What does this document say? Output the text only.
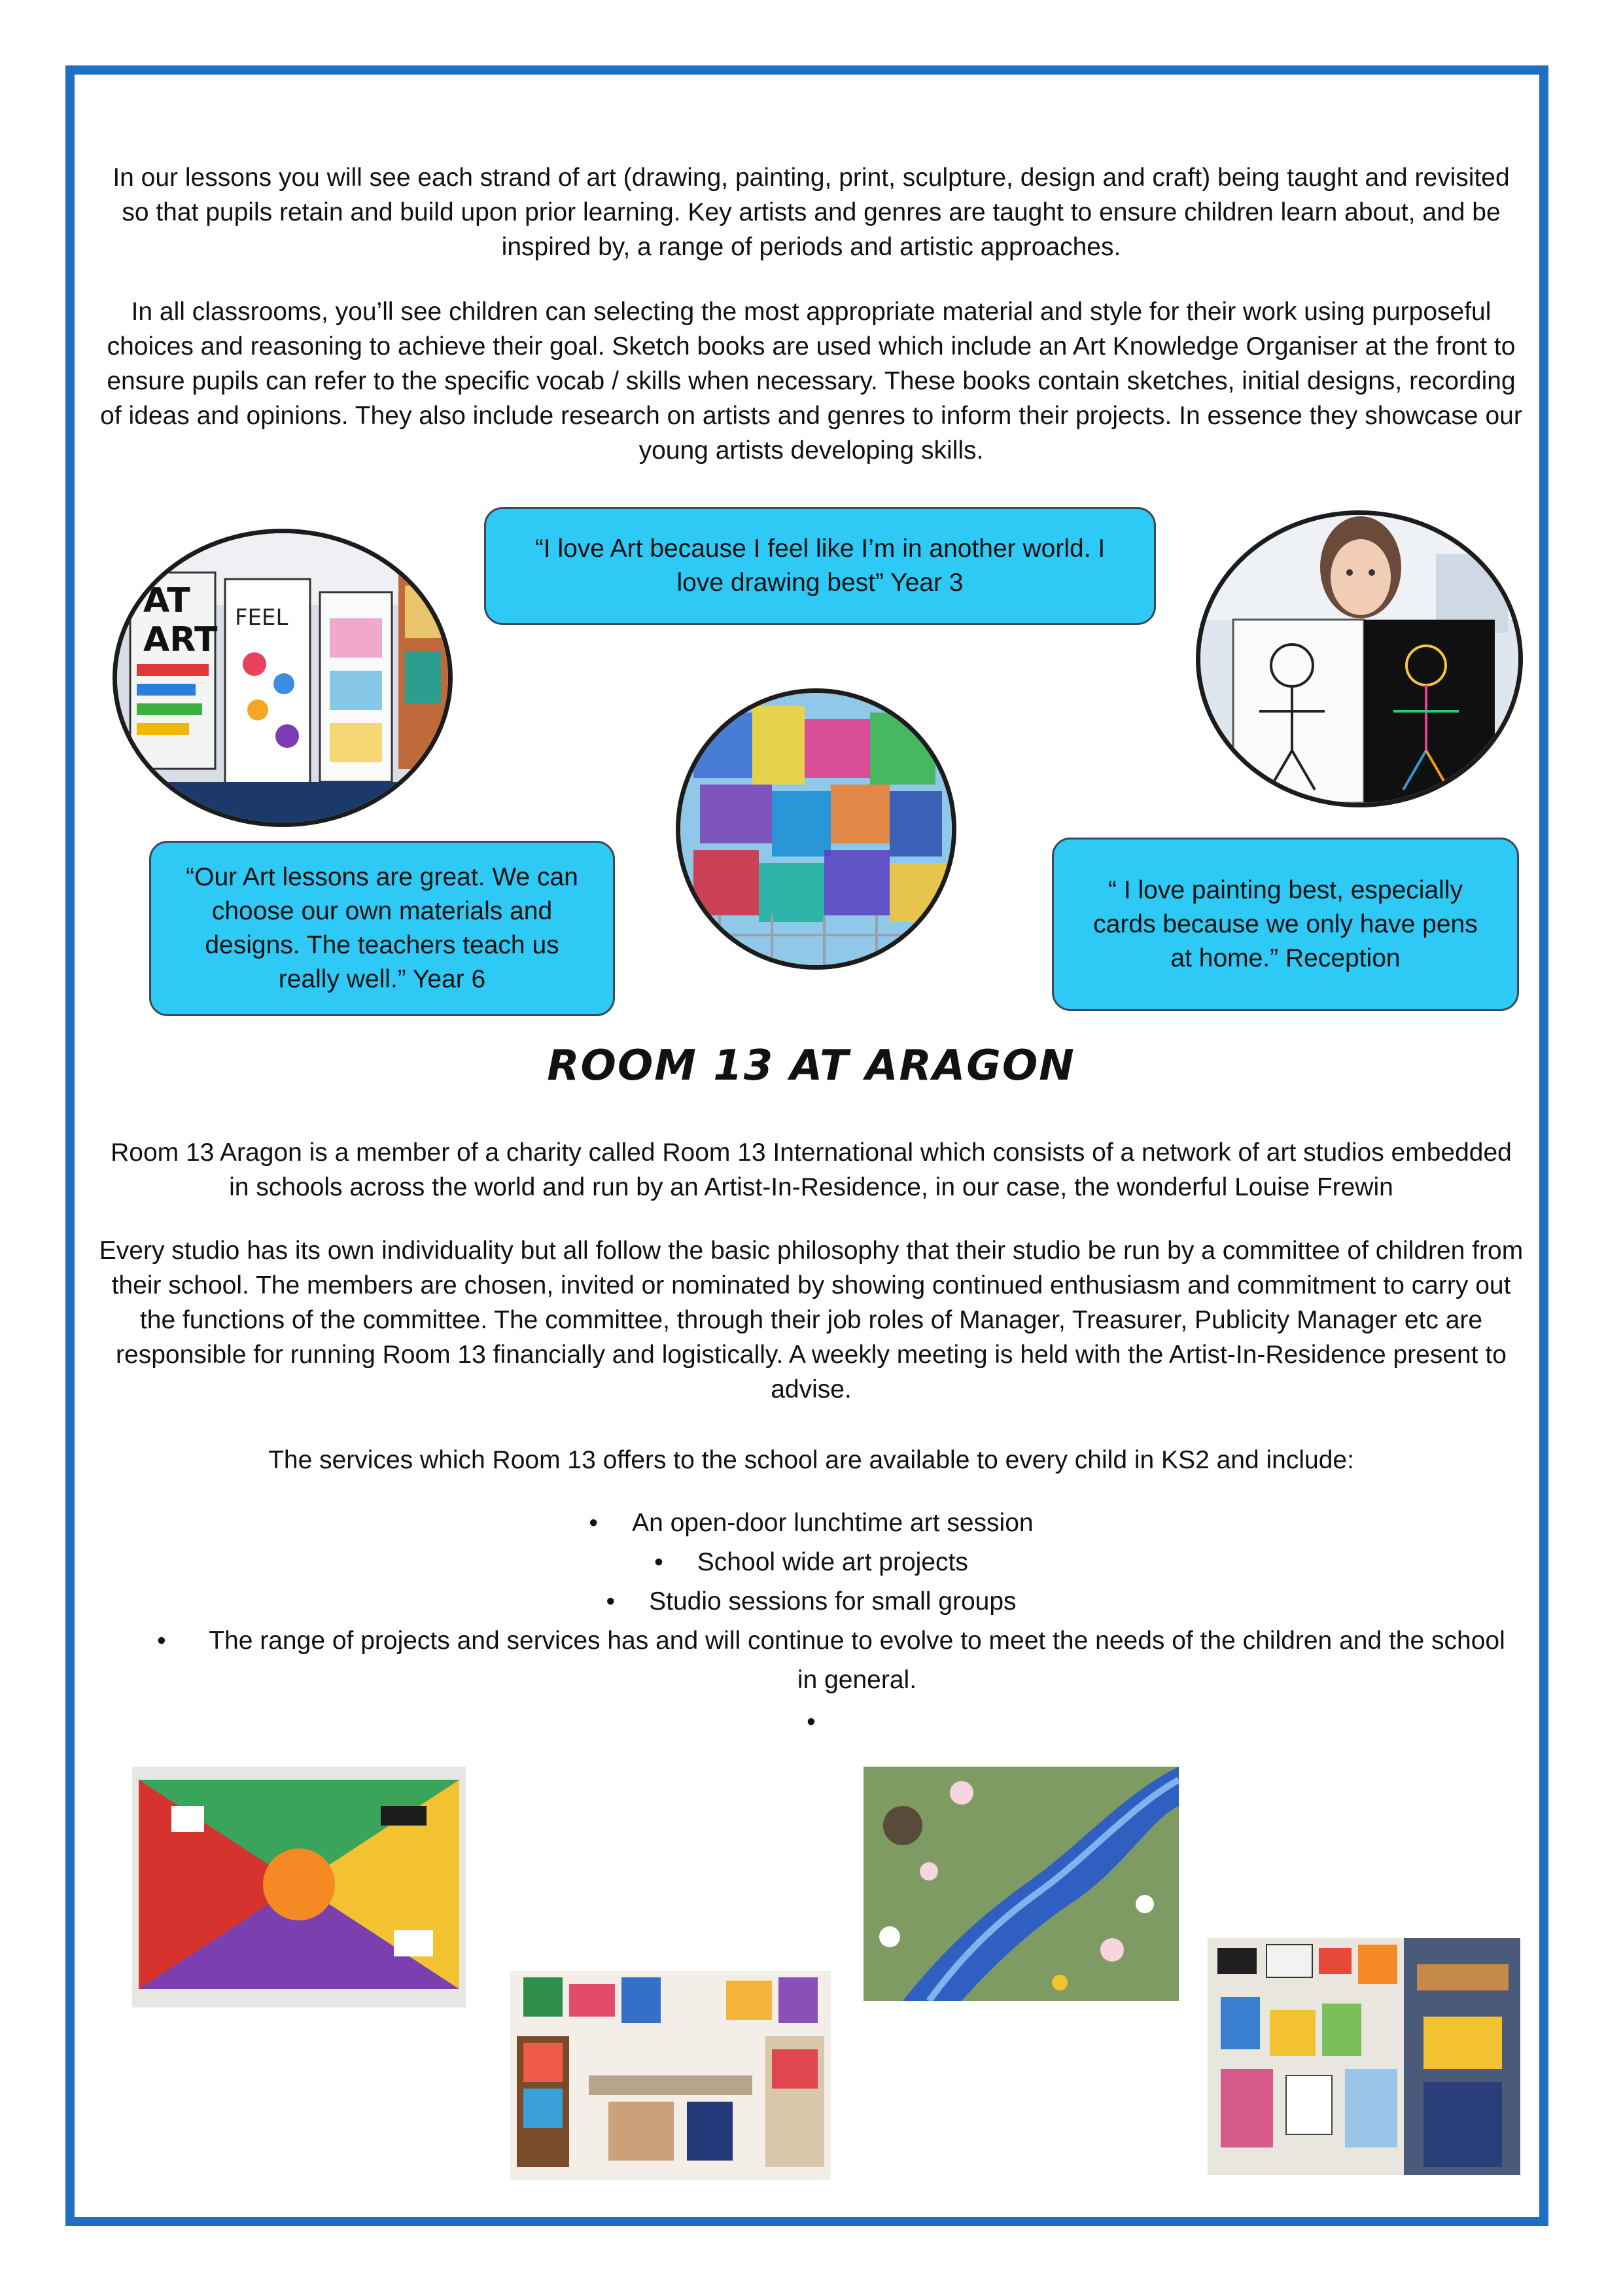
In our lessons you will see each strand of art (drawing, painting, print, sculpture, design and craft) being taught and revisited so that pupils retain and build upon prior learning. Key artists and genres are taught to ensure children learn about, and be inspired by, a range of periods and artistic approaches.

In all classrooms, you’ll see children can selecting the most appropriate material and style for their work using purposeful choices and reasoning to achieve their goal. Sketch books are used which include an Art Knowledge Organiser at the front to ensure pupils can refer to the specific vocab / skills when necessary. These books contain sketches, initial designs, recording of ideas and opinions. They also include research on artists and genres to inform their projects. In essence they showcase our young artists developing skills.

AT
ART
FEEL
“I love Art because I feel like I’m in another world. I love drawing best” Year 3
“Our Art lessons are great. We can choose our own materials and designs. The teachers teach us really well.” Year 6
“ I love painting best, especially cards because we only have pens at home.” Reception
ROOM 13 AT ARAGON

Room 13 Aragon is a member of a charity called Room 13 International which consists of a network of art studios embedded in schools across the world and run by an Artist-In-Residence, in our case, the wonderful Louise Frewin

Every studio has its own individuality but all follow the basic philosophy that their studio be run by a committee of children from their school. The members are chosen, invited or nominated by showing continued enthusiasm and commitment to carry out the functions of the committee. The committee, through their job roles of Manager, Treasurer, Publicity Manager etc are responsible for running Room 13 financially and logistically. A weekly meeting is held with the Artist-In-Residence present to advise.

The services which Room 13 offers to the school are available to every child in KS2 and include:

• An open-door lunchtime art session
• School wide art projects
• Studio sessions for small groups
• The range of projects and services has and will continue to evolve to meet the needs of the children and the school in general.
•
